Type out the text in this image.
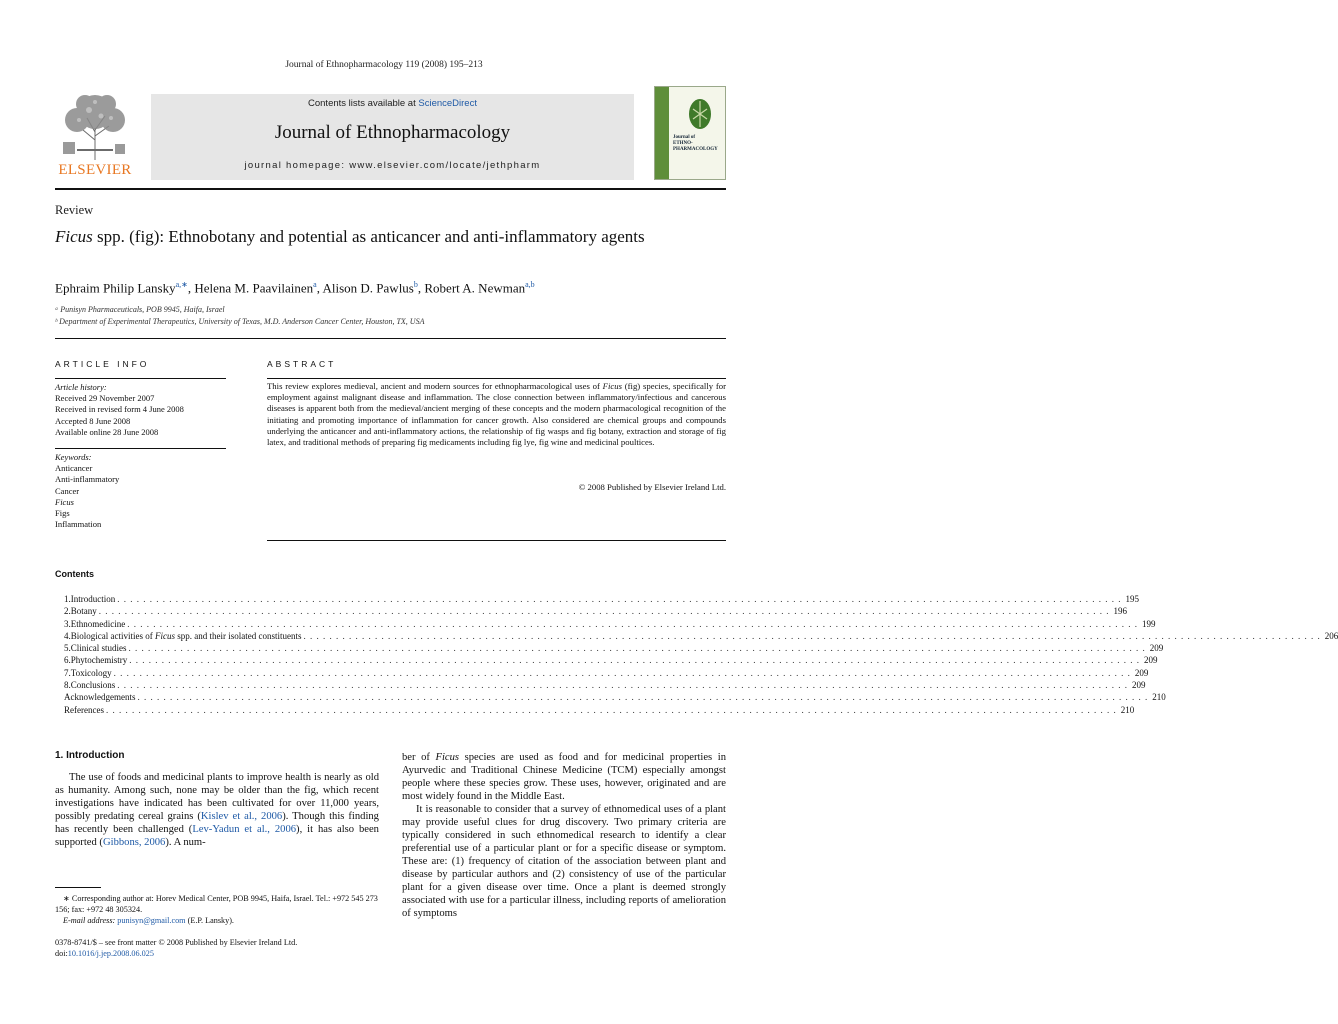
Journal of Ethnopharmacology 119 (2008) 195–213
ELSEVIER
Contents lists available at ScienceDirect
Journal of Ethnopharmacology
journal homepage: www.elsevier.com/locate/jethpharm
Journal of
ETHNO-
PHARMACOLOGY
Review
Ficus spp. (fig): Ethnobotany and potential as anticancer and anti-inflammatory agents
Ephraim Philip Lansky$^{a,∗}$, Helena M. Paavilainen$^a$, Alison D. Pawlus$^b$, Robert A. Newman$^{a,b}$
ᵃ Punisyn Pharmaceuticals, POB 9945, Haifa, Israel
ᵇ Department of Experimental Therapeutics, University of Texas, M.D. Anderson Cancer Center, Houston, TX, USA
ARTICLE INFO	ABSTRACT
Article history:
Received 29 November 2007
Received in revised form 4 June 2008
Accepted 8 June 2008
Available online 28 June 2008
Keywords:
Anticancer
Anti-inflammatory
Cancer
Ficus
Figs
Inflammation
This review explores medieval, ancient and modern sources for ethnopharmacological uses of Ficus (fig) species, specifically for employment against malignant disease and inflammation. The close connection between inflammatory/infectious and cancerous diseases is apparent both from the medieval/ancient merging of these concepts and the modern pharmacological recognition of the initiating and promoting importance of inflammation for cancer growth. Also considered are chemical groups and compounds underlying the anticancer and anti-inflammatory actions, the relationship of fig wasps and fig botany, extraction and storage of fig latex, and traditional methods of preparing fig medicaments including fig lye, fig wine and medicinal poultices.
© 2008 Published by Elsevier Ireland Ltd.
Contents
1. Introduction . . . . . . . . . . . . . . . . . . . . . . . . . . . . . . . . . . . . . . . . . . . . . . . . . . . . . . . . . . . . . . . . . . . . . . . . . . . . . . . . . . . . . . . . . . . . . . . . . . . . . . . . . . . . . . . . . . . . . . . . . . . . . . . . . . . . . . . . . . . . . . . . . . . . . . . . . . . 195
2. Botany . . . . . . . . . . . . . . . . . . . . . . . . . . . . . . . . . . . . . . . . . . . . . . . . . . . . . . . . . . . . . . . . . . . . . . . . . . . . . . . . . . . . . . . . . . . . . . . . . . . . . . . . . . . . . . . . . . . . . . . . . . . . . . . . . . . . . . . . . . . . . . . . . . . . . . . . . . . . 196
3. Ethnomedicine . . . . . . . . . . . . . . . . . . . . . . . . . . . . . . . . . . . . . . . . . . . . . . . . . . . . . . . . . . . . . . . . . . . . . . . . . . . . . . . . . . . . . . . . . . . . . . . . . . . . . . . . . . . . . . . . . . . . . . . . . . . . . . . . . . . . . . . . . . . . . . . . . . . . . . . . . . . . 199
4. Biological activities of Ficus spp. and their isolated constituents . . . . . . . . . . . . . . . . . . . . . . . . . . . . . . . . . . . . . . . . . . . . . . . . . . . . . . . . . . . . . . . . . . . . . . . . . . . . . . . . . . . . . . . . . . . . . . . . . . . . . . . . . . . . . . . . . . . . . . . . . . . . . . . . . . . . . . . . . . . . . . . . . . . . . . . . . . . . . 206
5. Clinical studies . . . . . . . . . . . . . . . . . . . . . . . . . . . . . . . . . . . . . . . . . . . . . . . . . . . . . . . . . . . . . . . . . . . . . . . . . . . . . . . . . . . . . . . . . . . . . . . . . . . . . . . . . . . . . . . . . . . . . . . . . . . . . . . . . . . . . . . . . . . . . . . . . . . . . . . . . . . . . 209
6. Phytochemistry . . . . . . . . . . . . . . . . . . . . . . . . . . . . . . . . . . . . . . . . . . . . . . . . . . . . . . . . . . . . . . . . . . . . . . . . . . . . . . . . . . . . . . . . . . . . . . . . . . . . . . . . . . . . . . . . . . . . . . . . . . . . . . . . . . . . . . . . . . . . . . . . . . . . . . . . . . . . 209
7. Toxicology . . . . . . . . . . . . . . . . . . . . . . . . . . . . . . . . . . . . . . . . . . . . . . . . . . . . . . . . . . . . . . . . . . . . . . . . . . . . . . . . . . . . . . . . . . . . . . . . . . . . . . . . . . . . . . . . . . . . . . . . . . . . . . . . . . . . . . . . . . . . . . . . . . . . . . . . . . . . . 209
8. Conclusions . . . . . . . . . . . . . . . . . . . . . . . . . . . . . . . . . . . . . . . . . . . . . . . . . . . . . . . . . . . . . . . . . . . . . . . . . . . . . . . . . . . . . . . . . . . . . . . . . . . . . . . . . . . . . . . . . . . . . . . . . . . . . . . . . . . . . . . . . . . . . . . . . . . . . . . . . . . . 209
Acknowledgements . . . . . . . . . . . . . . . . . . . . . . . . . . . . . . . . . . . . . . . . . . . . . . . . . . . . . . . . . . . . . . . . . . . . . . . . . . . . . . . . . . . . . . . . . . . . . . . . . . . . . . . . . . . . . . . . . . . . . . . . . . . . . . . . . . . . . . . . . . . . . . . . . . . . . . . . . . . . 210
References . . . . . . . . . . . . . . . . . . . . . . . . . . . . . . . . . . . . . . . . . . . . . . . . . . . . . . . . . . . . . . . . . . . . . . . . . . . . . . . . . . . . . . . . . . . . . . . . . . . . . . . . . . . . . . . . . . . . . . . . . . . . . . . . . . . . . . . . . . . . . . . . . . . . . . . . . . . . 210
1. Introduction
The use of foods and medicinal plants to improve health is nearly as old as humanity. Among such, none may be older than the fig, which recent investigations have indicated has been cultivated for over 11,000 years, possibly predating cereal grains (Kislev et al., 2006). Though this finding has recently been challenged (Lev-Yadun et al., 2006), it has also been supported (Gibbons, 2006). A num-
ber of Ficus species are used as food and for medicinal properties in Ayurvedic and Traditional Chinese Medicine (TCM) especially amongst people where these species grow. These uses, however, originated and are most widely found in the Middle East.
It is reasonable to consider that a survey of ethnomedical uses of a plant may provide useful clues for drug discovery. Two primary criteria are typically considered in such ethnomedical research to identify a clear preferential use of a particular plant or for a specific disease or symptom. These are: (1) frequency of citation of the association between plant and disease by particular authors and (2) consistency of use of the particular plant for a given disease over time. Once a plant is deemed strongly associated with use for a particular illness, including reports of amelioration of symptoms
∗ Corresponding author at: Horev Medical Center, POB 9945, Haifa, Israel. Tel.: +972 545 273 156; fax: +972 48 305324.
E-mail address: punisyn@gmail.com (E.P. Lansky).
0378-8741/$ – see front matter © 2008 Published by Elsevier Ireland Ltd.
doi:10.1016/j.jep.2008.06.025
